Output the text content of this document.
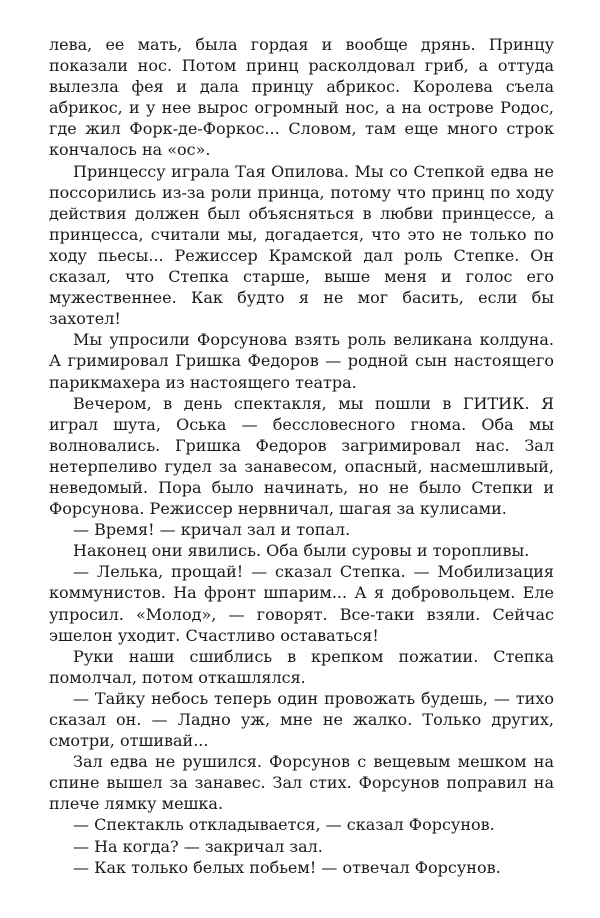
лева, ее мать, была гордая и вообще дрянь. Принцу показали нос. Потом принц расколдовал гриб, а оттуда вылезла фея и дала принцу абрикос. Королева съела абрикос, и у нее вырос огромный нос, а на острове Родос, где жил Форк-де-Форкос... Словом, там еще много строк кончалось на «ос».

Принцессу играла Тая Опилова. Мы со Степкой едва не поссорились из-за роли принца, потому что принц по ходу действия должен был объясняться в любви принцессе, а принцесса, считали мы, догадается, что это не только по ходу пьесы... Режиссер Крамской дал роль Степке. Он сказал, что Степка старше, выше меня и голос его мужественнее. Как будто я не мог басить, если бы захотел!

Мы упросили Форсунова взять роль великана колдуна. А гримировал Гришка Федоров — родной сын настоящего парикмахера из настоящего театра.

Вечером, в день спектакля, мы пошли в ГИТИК. Я играл шута, Оська — бессловесного гнома. Оба мы волновались. Гришка Федоров загримировал нас. Зал нетерпеливо гудел за занавесом, опасный, насмешливый, неведомый. Пора было начинать, но не было Степки и Форсунова. Режиссер нервничал, шагая за кулисами.

— Время! — кричал зал и топал.

Наконец они явились. Оба были суровы и торопливы.

— Лелька, прощай! — сказал Степка. — Мобилизация коммунистов. На фронт шпарим... А я добровольцем. Еле упросил. «Молод», — говорят. Все-таки взяли. Сейчас эшелон уходит. Счастливо оставаться!

Руки наши сшиблись в крепком пожатии. Степка помолчал, потом откашлялся.

— Тайку небось теперь один провожать будешь, — тихо сказал он. — Ладно уж, мне не жалко. Только других, смотри, отшивай...

Зал едва не рушился. Форсунов с вещевым мешком на спине вышел за занавес. Зал стих. Форсунов поправил на плече лямку мешка.

— Спектакль откладывается, — сказал Форсунов.

— На когда? — закричал зал.

— Как только белых побьем! — отвечал Форсунов.
